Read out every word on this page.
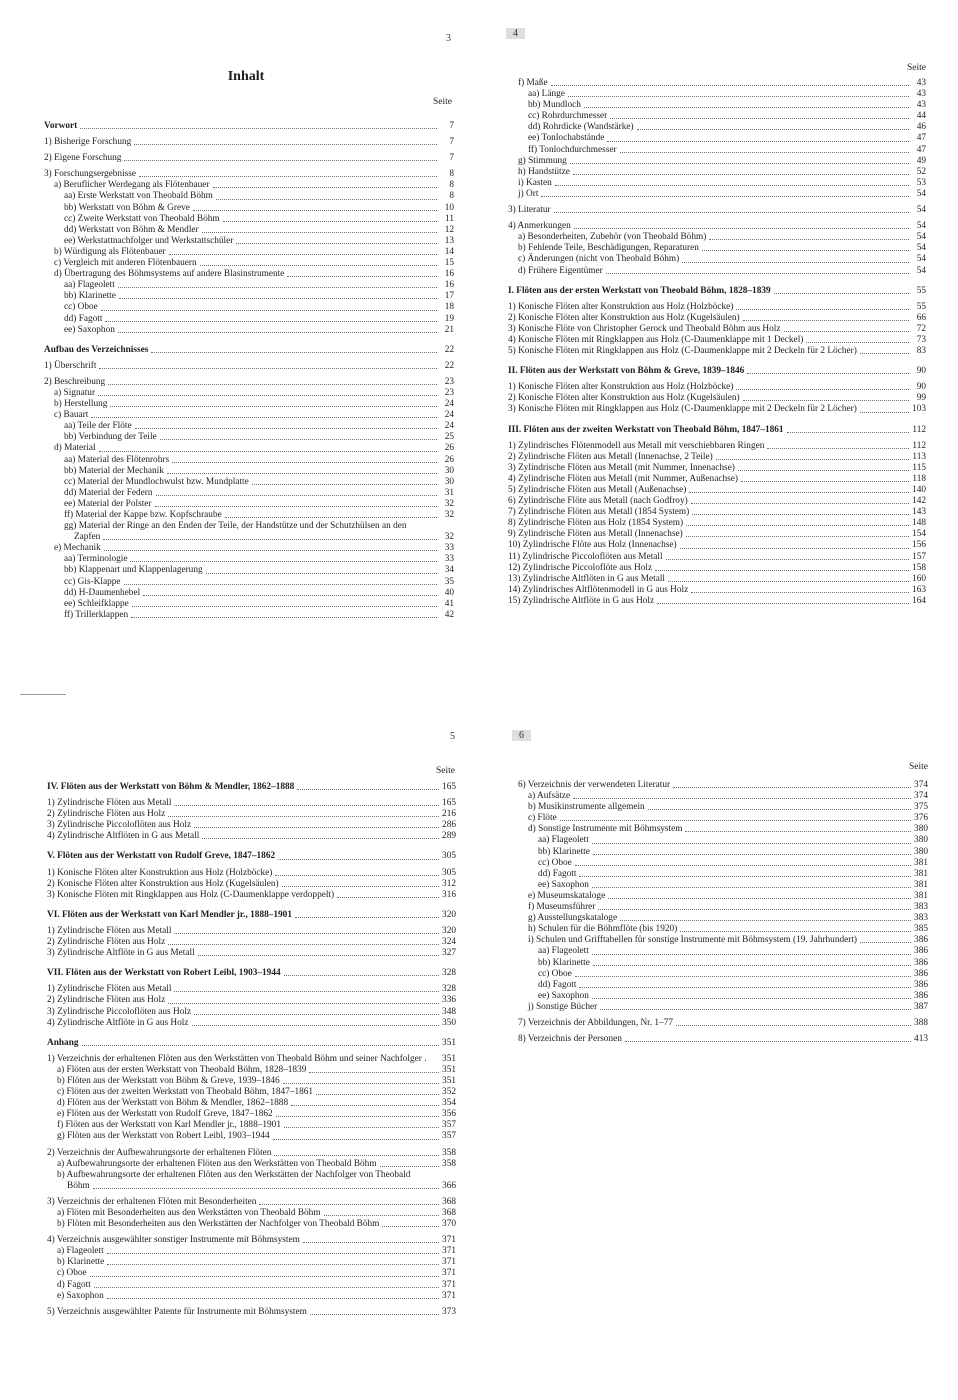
3
Inhalt
Seite
Vorwort	7
1) Bisherige Forschung	7
2) Eigene Forschung	7
3) Forschungsergebnisse	8
a) Beruflicher Werdegang als Flötenbauer	8
aa) Erste Werkstatt von Theobald Böhm	8
bb) Werkstatt von Böhm & Greve	10
cc) Zweite Werkstatt von Theobald Böhm	11
dd) Werkstatt von Böhm & Mendler	12
ee) Werkstattnachfolger und Werkstattschüler	13
b) Würdigung als Flötenbauer	14
c) Vergleich mit anderen Flötenbauern	15
d) Übertragung des Böhmsystems auf andere Blasinstrumente	16
aa) Flageolett	16
bb) Klarinette	17
cc) Oboe	18
dd) Fagott	19
ee) Saxophon	21
Aufbau des Verzeichnisses	22
1) Überschrift	22
2) Beschreibung	23
a) Signatur	23
b) Herstellung	24
c) Bauart	24
aa) Teile der Flöte	24
bb) Verbindung der Teile	25
d) Material	26
aa) Material des Flötenrohrs	26
bb) Material der Mechanik	30
cc) Material der Mundlochwulst bzw. Mundplatte	30
dd) Material der Federn	31
ee) Material der Polster	32
ff) Material der Kappe bzw. Kopfschraube	32
gg) Material der Ringe an den Enden der Teile, der Handstütze und der Schutzhülsen an den
Zapfen	32
e) Mechanik	33
aa) Terminologie	33
bb) Klappenart und Klappenlagerung	34
cc) Gis-Klappe	35
dd) H-Daumenhebel	40
ee) Schleifklappe	41
ff) Trillerklappen	42
4
Seite
f) Maße	43
aa) Länge	43
bb) Mundloch	43
cc) Rohrdurchmesser	44
dd) Rohrdicke (Wandstärke)	46
ee) Tonlochabstände	47
ff) Tonlochdurchmesser	47
g) Stimmung	49
h) Handstütze	52
i) Kasten	53
j) Ort	54
3) Literatur	54
4) Anmerkungen	54
a) Besonderheiten, Zubehör (von Theobald Böhm)	54
b) Fehlende Teile, Beschädigungen, Reparaturen	54
c) Änderungen (nicht von Theobald Böhm)	54
d) Frühere Eigentümer	54
I. Flöten aus der ersten Werkstatt von Theobald Böhm, 1828–1839	55
1) Konische Flöten alter Konstruktion aus Holz (Holzböcke)	55
2) Konische Flöten alter Konstruktion aus Holz (Kugelsäulen)	66
3) Konische Flöte von Christopher Gerock und Theobald Böhm aus Holz	72
4) Konische Flöten mit Ringklappen aus Holz (C-Daumenklappe mit 1 Deckel)	73
5) Konische Flöten mit Ringklappen aus Holz (C-Daumenklappe mit 2 Deckeln für 2 Löcher)	83
II. Flöten aus der Werkstatt von Böhm & Greve, 1839–1846	90
1) Konische Flöten alter Konstruktion aus Holz (Holzböcke)	90
2) Konische Flöten alter Konstruktion aus Holz (Kugelsäulen)	99
3) Konische Flöten mit Ringklappen aus Holz (C-Daumenklappe mit 2 Deckeln für 2 Löcher)	103
III. Flöten aus der zweiten Werkstatt von Theobald Böhm, 1847–1861	112
1) Zylindrisches Flötenmodell aus Metall mit verschiebbaren Ringen	112
2) Zylindrische Flöten aus Metall (Innenachse, 2 Teile)	113
3) Zylindrische Flöten aus Metall (mit Nummer, Innenachse)	115
4) Zylindrische Flöten aus Metall (mit Nummer, Außenachse)	118
5) Zylindrische Flöten aus Metall (Außenachse)	140
6) Zylindrische Flöte aus Metall (nach Godfroy)	142
7) Zylindrische Flöten aus Metall (1854 System)	143
8) Zylindrische Flöten aus Holz (1854 System)	148
9) Zylindrische Flöten aus Metall (Innenachse)	154
10) Zylindrische Flöte aus Holz (Innenachse)	156
11) Zylindrische Piccoloflöten aus Metall	157
12) Zylindrische Piccoloflöte aus Holz	158
13) Zylindrische Altflöten in G aus Metall	160
14) Zylindrisches Altflötenmodell in G aus Holz	163
15) Zylindrische Altflöte in G aus Holz	164
5
Seite
IV. Flöten aus der Werkstatt von Böhm & Mendler, 1862–1888	165
1) Zylindrische Flöten aus Metall	165
2) Zylindrische Flöten aus Holz	216
3) Zylindrische Piccoloflöten aus Holz	286
4) Zylindrische Altflöten in G aus Metall	289
V. Flöten aus der Werkstatt von Rudolf Greve, 1847–1862	305
1) Konische Flöten alter Konstruktion aus Holz (Holzböcke)	305
2) Konische Flöten alter Konstruktion aus Holz (Kugelsäulen)	312
3) Konische Flöten mit Ringklappen aus Holz (C-Daumenklappe verdoppelt)	316
VI. Flöten aus der Werkstatt von Karl Mendler jr., 1888–1901	320
1) Zylindrische Flöten aus Metall	320
2) Zylindrische Flöten aus Holz	324
3) Zylindrische Altflöte in G aus Metall	327
VII. Flöten aus der Werkstatt von Robert Leibl, 1903–1944	328
1) Zylindrische Flöten aus Metall	328
2) Zylindrische Flöten aus Holz	336
3) Zylindrische Piccoloflöten aus Holz	348
4) Zylindrische Altflöte in G aus Holz	350
Anhang	351
1) Verzeichnis der erhaltenen Flöten aus den Werkstätten von Theobald Böhm und seiner Nachfolger . 351
a) Flöten aus der ersten Werkstatt von Theobald Böhm, 1828–1839	351
b) Flöten aus der Werkstatt von Böhm & Greve, 1939–1846	351
c) Flöten aus der zweiten Werkstatt von Theobald Böhm, 1847–1861	352
d) Flöten aus der Werkstatt von Böhm & Mendler, 1862–1888	354
e) Flöten aus der Werkstatt von Rudolf Greve, 1847–1862	356
f) Flöten aus der Werkstatt von Karl Mendler jr., 1888–1901	357
g) Flöten aus der Werkstatt von Robert Leibl, 1903–1944	357
2) Verzeichnis der Aufbewahrungsorte der erhaltenen Flöten	358
a) Aufbewahrungsorte der erhaltenen Flöten aus den Werkstätten von Theobald Böhm	358
b) Aufbewahrungsorte der erhaltenen Flöten aus den Werkstätten der Nachfolger von Theobald
Böhm	366
3) Verzeichnis der erhaltenen Flöten mit Besonderheiten	368
a) Flöten mit Besonderheiten aus den Werkstätten von Theobald Böhm	368
b) Flöten mit Besonderheiten aus den Werkstätten der Nachfolger von Theobald Böhm	370
4) Verzeichnis ausgewählter sonstiger Instrumente mit Böhmsystem	371
a) Flageolett	371
b) Klarinette	371
c) Oboe	371
d) Fagott	371
e) Saxophon	371
5) Verzeichnis ausgewählter Patente für Instrumente mit Böhmsystem	373
6
Seite
6) Verzeichnis der verwendeten Literatur	374
a) Aufsätze	374
b) Musikinstrumente allgemein	375
c) Flöte	376
d) Sonstige Instrumente mit Böhmsystem	380
aa) Flageolett	380
bb) Klarinette	380
cc) Oboe	381
dd) Fagott	381
ee) Saxophon	381
e) Museumskataloge	381
f) Museumsführer	383
g) Ausstellungskataloge	383
h) Schulen für die Böhmflöte (bis 1920)	385
i) Schulen und Grifftabellen für sonstige Instrumente mit Böhmsystem (19. Jahrhundert)	386
aa) Flageolett	386
bb) Klarinette	386
cc) Oboe	386
dd) Fagott	386
ee) Saxophon	386
j) Sonstige Bücher	387
7) Verzeichnis der Abbildungen, Nr. 1–77	388
8) Verzeichnis der Personen	413
